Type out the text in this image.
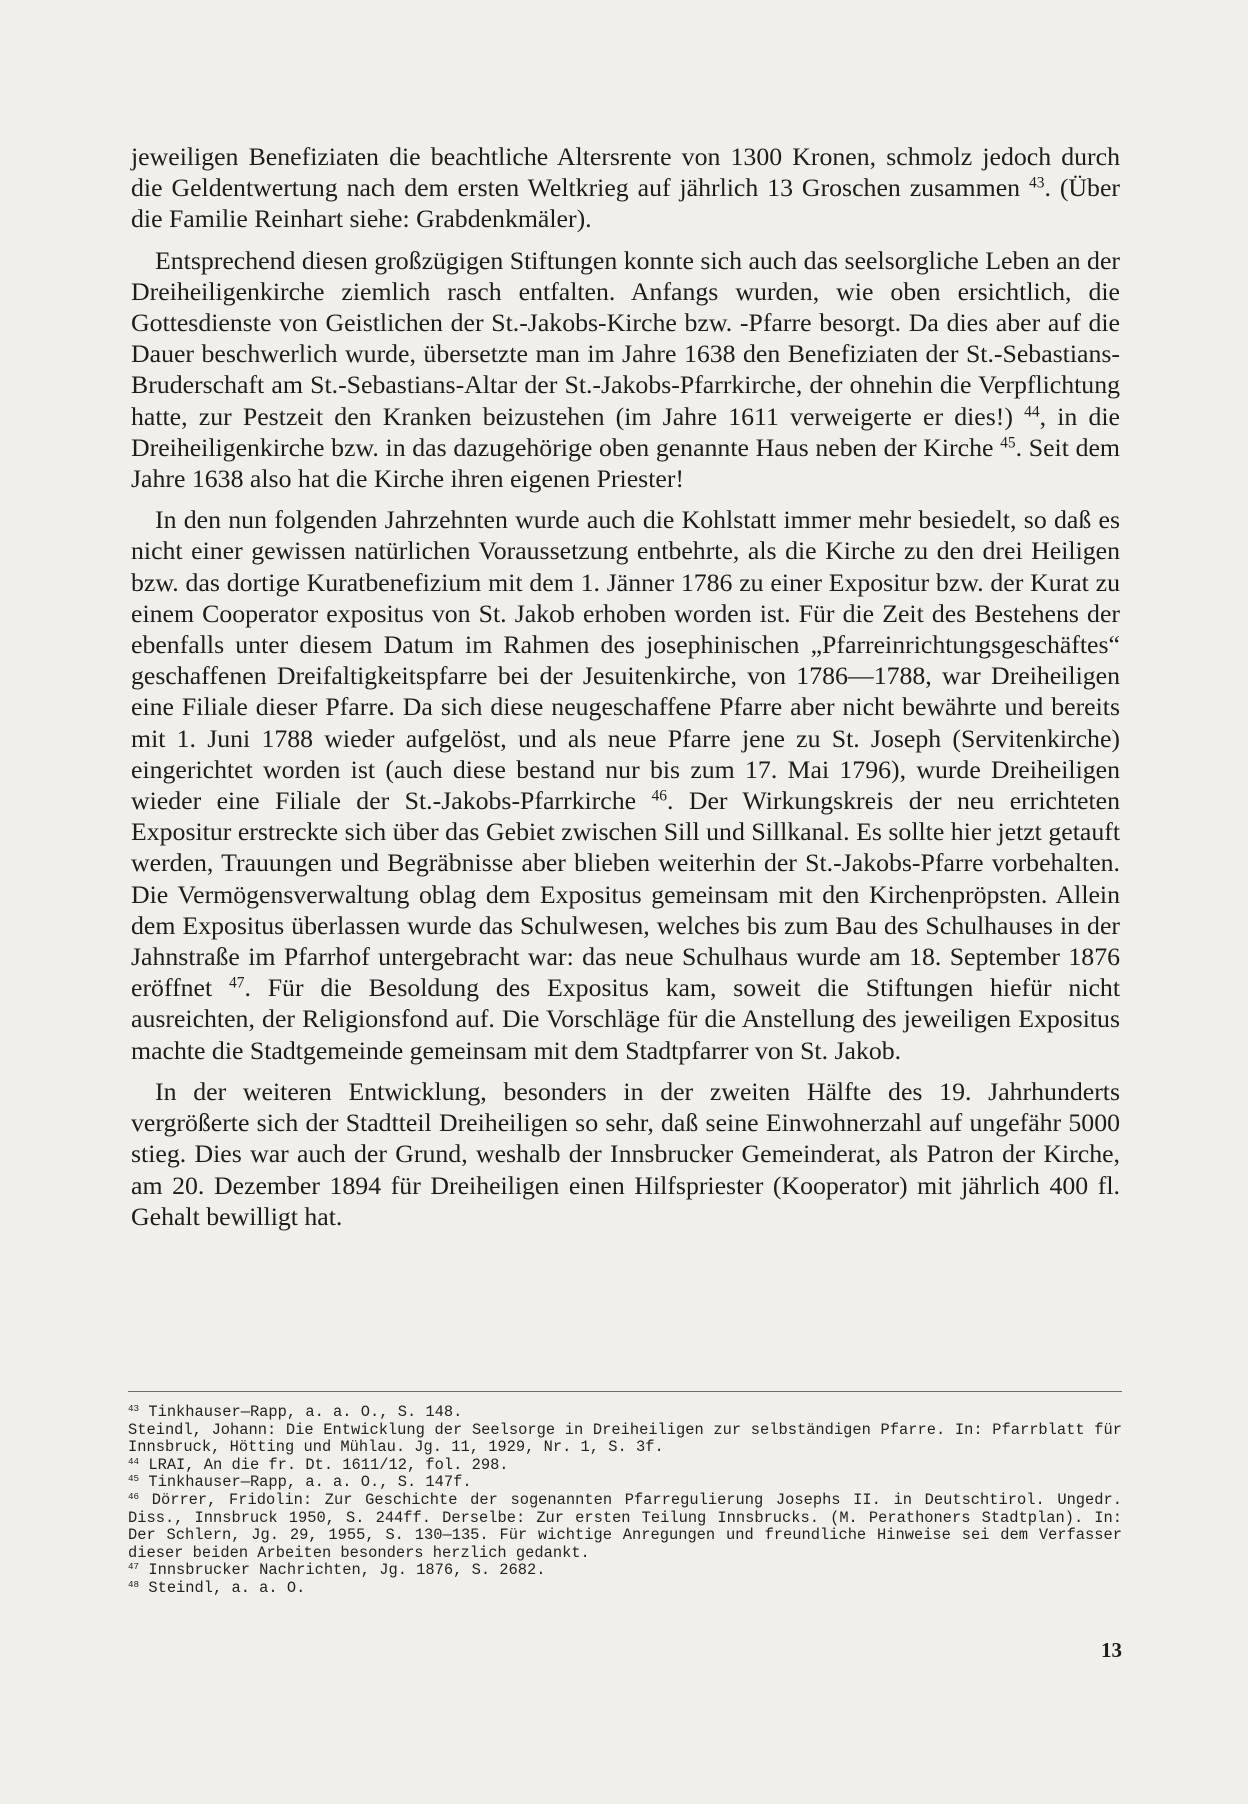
jeweiligen Benefiziaten die beachtliche Altersrente von 1300 Kronen, schmolz jedoch durch die Geldentwertung nach dem ersten Weltkrieg auf jährlich 13 Groschen zusammen $^{43}$. (Über die Familie Reinhart siehe: Grabdenkmäler).

Entsprechend diesen großzügigen Stiftungen konnte sich auch das seelsorgliche Leben an der Dreiheiligenkirche ziemlich rasch entfalten. Anfangs wurden, wie oben ersichtlich, die Gottesdienste von Geistlichen der St.-Jakobs-Kirche bzw. -Pfarre besorgt. Da dies aber auf die Dauer beschwerlich wurde, übersetzte man im Jahre 1638 den Benefiziaten der St.-Sebastians-Bruderschaft am St.-Sebastians-Altar der St.-Jakobs-Pfarrkirche, der ohnehin die Verpflichtung hatte, zur Pestzeit den Kranken beizustehen (im Jahre 1611 verweigerte er dies!) $^{44}$, in die Dreiheiligenkirche bzw. in das dazugehörige oben genannte Haus neben der Kirche $^{45}$. Seit dem Jahre 1638 also hat die Kirche ihren eigenen Priester!

In den nun folgenden Jahrzehnten wurde auch die Kohlstatt immer mehr besiedelt, so daß es nicht einer gewissen natürlichen Voraussetzung entbehrte, als die Kirche zu den drei Heiligen bzw. das dortige Kuratbenefizium mit dem 1. Jänner 1786 zu einer Expositur bzw. der Kurat zu einem Cooperator expositus von St. Jakob erhoben worden ist. Für die Zeit des Bestehens der ebenfalls unter diesem Datum im Rahmen des josephinischen „Pfarreinrichtungsgeschäftes“ geschaffenen Dreifaltigkeitspfarre bei der Jesuitenkirche, von 1786—1788, war Dreiheiligen eine Filiale dieser Pfarre. Da sich diese neugeschaffene Pfarre aber nicht bewährte und bereits mit 1. Juni 1788 wieder aufgelöst, und als neue Pfarre jene zu St. Joseph (Servitenkirche) eingerichtet worden ist (auch diese bestand nur bis zum 17. Mai 1796), wurde Dreiheiligen wieder eine Filiale der St.-Jakobs-Pfarrkirche $^{46}$. Der Wirkungskreis der neu errichteten Expositur erstreckte sich über das Gebiet zwischen Sill und Sillkanal. Es sollte hier jetzt getauft werden, Trauungen und Begräbnisse aber blieben weiterhin der St.-Jakobs-Pfarre vorbehalten. Die Vermögensverwaltung oblag dem Expositus gemeinsam mit den Kirchenpröpsten. Allein dem Expositus überlassen wurde das Schulwesen, welches bis zum Bau des Schulhauses in der Jahnstraße im Pfarrhof untergebracht war: das neue Schulhaus wurde am 18. September 1876 eröffnet $^{47}$. Für die Besoldung des Expositus kam, soweit die Stiftungen hiefür nicht ausreichten, der Religionsfond auf. Die Vorschläge für die Anstellung des jeweiligen Expositus machte die Stadtgemeinde gemeinsam mit dem Stadtpfarrer von St. Jakob.

In der weiteren Entwicklung, besonders in der zweiten Hälfte des 19. Jahrhunderts vergrößerte sich der Stadtteil Dreiheiligen so sehr, daß seine Einwohnerzahl auf ungefähr 5000 stieg. Dies war auch der Grund, weshalb der Innsbrucker Gemeinderat, als Patron der Kirche, am 20. Dezember 1894 für Dreiheiligen einen Hilfspriester (Kooperator) mit jährlich 400 fl. Gehalt bewilligt hat.

$^{43}$ Tinkhauser—Rapp, a. a. O., S. 148.
Steindl, Johann: Die Entwicklung der Seelsorge in Dreiheiligen zur selbständigen Pfarre. In: Pfarrblatt für Innsbruck, Hötting und Mühlau. Jg. 11, 1929, Nr. 1, S. 3f.
$^{44}$ LRAI, An die fr. Dt. 1611/12, fol. 298.
$^{45}$ Tinkhauser—Rapp, a. a. O., S. 147f.
$^{46}$ Dörrer, Fridolin: Zur Geschichte der sogenannten Pfarregulierung Josephs II. in Deutschtirol. Ungedr. Diss., Innsbruck 1950, S. 244ff. Derselbe: Zur ersten Teilung Innsbrucks. (M. Perathoners Stadtplan). In: Der Schlern, Jg. 29, 1955, S. 130—135. Für wichtige Anregungen und freundliche Hinweise sei dem Verfasser dieser beiden Arbeiten besonders herzlich gedankt.
$^{47}$ Innsbrucker Nachrichten, Jg. 1876, S. 2682.
$^{48}$ Steindl, a. a. O.
13
